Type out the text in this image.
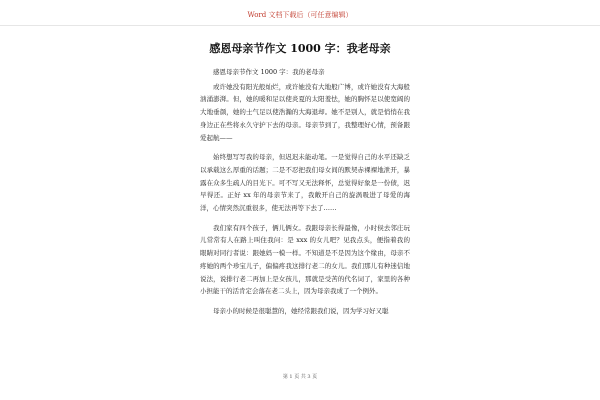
Word 文档下载后（可任意编辑）
感恩母亲节作文 1000 字：我老母亲

感恩母亲节作文 1000 字：我的老母亲

或许她没有阳光般灿烂，或许她没有大地般广博，或许她没有大海般汹涌澎湃。但，她的暖和足以使炎夏的太阳羞怯，她的胸怀足以使宽阔的大地垂颜，她的士气足以使浩瀚的大海退却。她不是别人，就是悄悄在我身边正在些将永久守护下去的母亲。母亲节到了，我整理好心情，预备跟爱起航——

始终想写写我的母亲，但迟迟未能动笔。一是觉得自己的水平还缺乏以承载这么厚重的话题；二是不忍把我们母女间的默契赤裸裸地泄开，暴露在众多生疏人的目光下。可不写又无法释怀，总觉得好象是一份债，迟早得还。正好 xx 年的母亲节来了，我敞开自己的旋涡吸进了母爱的海洋，心情突然沉重很多，使无法再等下去了……

我们家有四个孩子，俩儿俩女。我跟母亲长得最像，小时侯去邻庄玩儿常常有人在路上叫住我问：是 xxx 的女儿吧？见我点头，便指着我的眼睛对同行者说：跟她妈一模一样。不知道是不是因为这个缘由，母亲不疼她的两个珍宝儿子，偏偏疼我这排行老二的女儿。我们那儿有种迷信地说法，说排行老二再加上是女孩儿，那就是受苦的代名词了，家里的各种小担能干的活肯定会落在老二头上，因为母亲我成了一个例外。

母亲小的时候是很聪慧的，她经常跟我们说，因为学习好又聪

第 1 页 共 3 页
